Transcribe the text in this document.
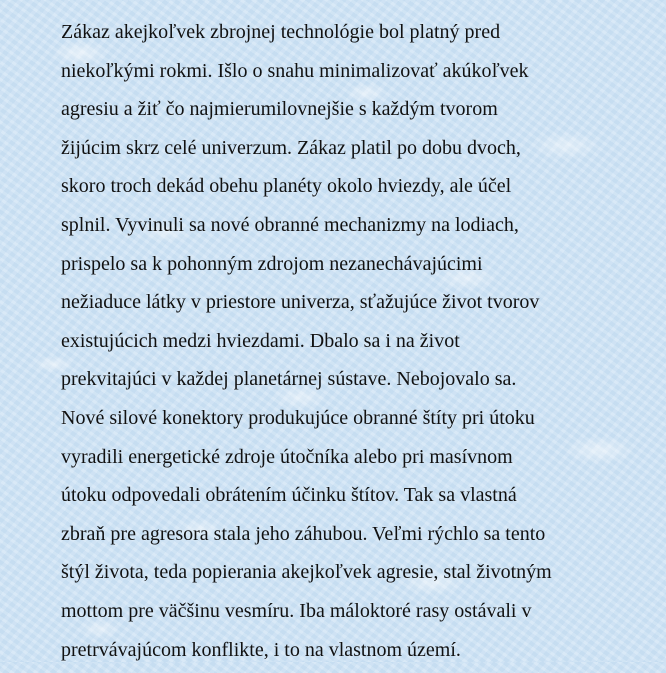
Zákaz akejkoľvek zbrojnej technológie bol platný pred
niekoľkými rokmi. Išlo o snahu minimalizovať akúkoľvek
agresiu a žiť čo najmierumilovnejšie s každým tvorom
žijúcim skrz celé univerzum. Zákaz platil po dobu dvoch,
skoro troch dekád obehu planéty okolo hviezdy, ale účel
splnil. Vyvinuli sa nové obranné mechanizmy na lodiach,
prispelo sa k pohonným zdrojom nezanechávajúcimi
nežiaduce látky v priestore univerza, sťažujúce život tvorov
existujúcich medzi hviezdami. Dbalo sa i na život
prekvitajúci v každej planetárnej sústave. Nebojovalo sa.
Nové silové konektory produkujúce obranné štíty pri útoku
vyradili energetické zdroje útočníka alebo pri masívnom
útoku odpovedali obrátením účinku štítov. Tak sa vlastná
zbraň pre agresora stala jeho záhubou. Veľmi rýchlo sa tento
štýl života, teda popierania akejkoľvek agresie, stal životným
mottom pre väčšinu vesmíru. Iba máloktoré rasy ostávali v
pretrvávajúcom konflikte, i to na vlastnom území.
